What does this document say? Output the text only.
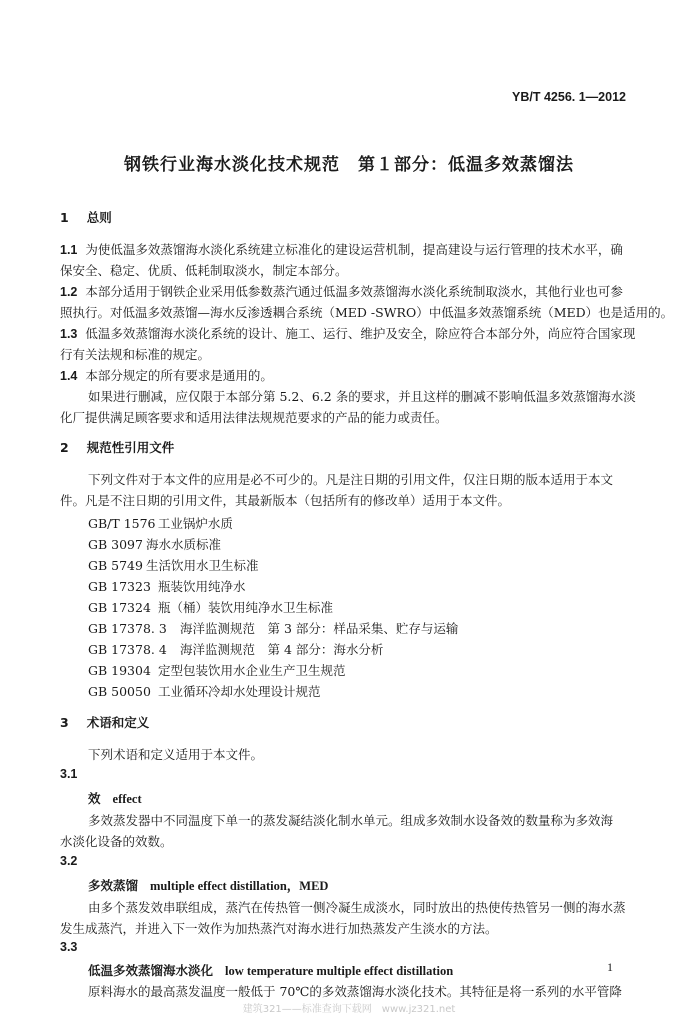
YB/T 4256. 1—2012
钢铁行业海水淡化技术规范　第１部分：低温多效蒸馏法
1 总则
1.1 为使低温多效蒸馏海水淡化系统建立标准化的建设运营机制，提高建设与运行管理的技术水平，确
保安全、稳定、优质、低耗制取淡水，制定本部分。
1.2 本部分适用于钢铁企业采用低参数蒸汽通过低温多效蒸馏海水淡化系统制取淡水，其他行业也可参
照执行。对低温多效蒸馏—海水反渗透耦合系统（MED -SWRO）中低温多效蒸馏系统（MED）也是适用的。
1.3 低温多效蒸馏海水淡化系统的设计、施工、运行、维护及安全，除应符合本部分外，尚应符合国家现
行有关法规和标准的规定。
1.4 本部分规定的所有要求是通用的。
如果进行删减，应仅限于本部分第 5.2、6.2 条的要求，并且这样的删减不影响低温多效蒸馏海水淡
化厂提供满足顾客要求和适用法律法规规范要求的产品的能力或责任。
2 规范性引用文件
下列文件对于本文件的应用是必不可少的。凡是注日期的引用文件，仅注日期的版本适用于本文
件。凡是不注日期的引用文件，其最新版本（包括所有的修改单）适用于本文件。
GB/T 1576 工业锅炉水质
GB 3097 海水水质标准
GB 5749 生活饮用水卫生标准
GB 17323 瓶装饮用纯净水
GB 17324 瓶（桶）装饮用纯净水卫生标准
GB 17378. 3 海洋监测规范　第 3 部分：样品采集、贮存与运输
GB 17378. 4 海洋监测规范　第 4 部分：海水分析
GB 19304 定型包装饮用水企业生产卫生规范
GB 50050 工业循环冷却水处理设计规范
3 术语和定义
下列术语和定义适用于本文件。
3.1
效 effect
多效蒸发器中不同温度下单一的蒸发凝结淡化制水单元。组成多效制水设备效的数量称为多效海
水淡化设备的效数。
3.2
多效蒸馏 multiple effect distillation，MED
由多个蒸发效串联组成，蒸汽在传热管一侧冷凝生成淡水，同时放出的热使传热管另一侧的海水蒸
发生成蒸汽，并进入下一效作为加热蒸汽对海水进行加热蒸发产生淡水的方法。
3.3
低温多效蒸馏海水淡化 low temperature multiple effect distillation
原料海水的最高蒸发温度一般低于 70℃的多效蒸馏海水淡化技术。其特征是将一系列的水平管降
1
建筑321——标准查询下载网　www.jz321.net
